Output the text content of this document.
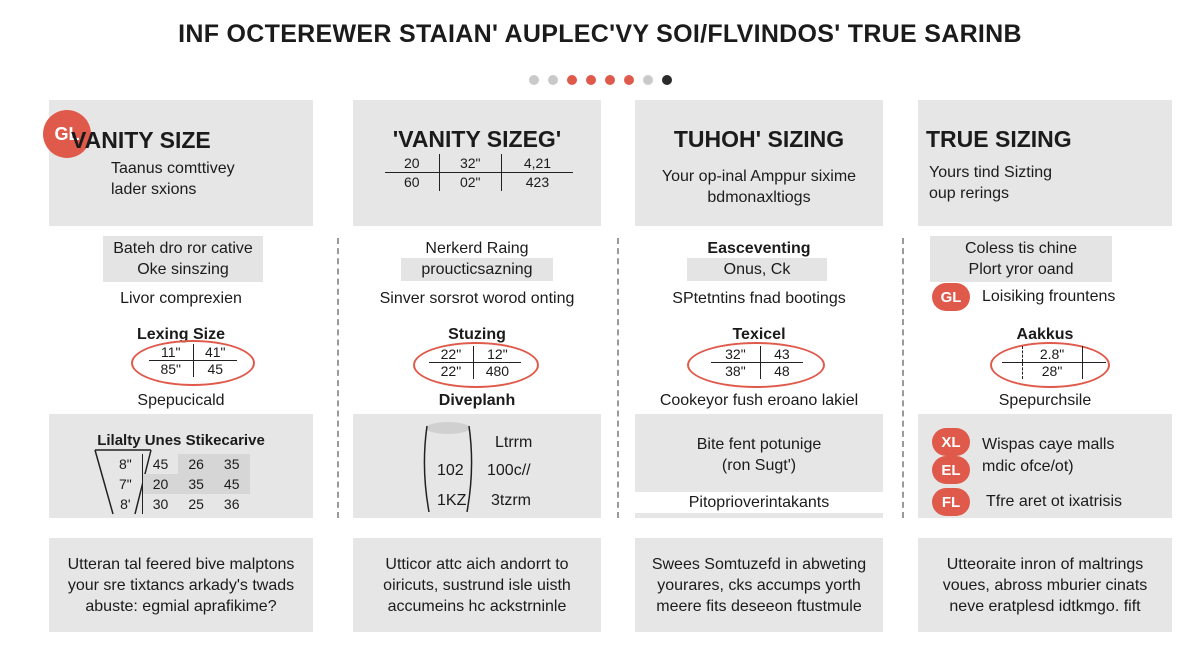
INF OCTEREWER STAIAN' AUPLEC'VY SOI/FLVINDOS' TRUE SARINB
GL
VANITY SIZE
Taanus comttivey
lader sxions
Bateh dro ror cative
Oke sinszing
Livor comprexien
Lexing Size
11"	41"
85"	45
Spepucicald
Lilalty Unes Stikecarive
8"	45	26	35
7"	20	35	45
8'	30	25	36
Utteran tal feered bive malptons
your sre tixtancs arkady's twads
abuste: egmial aprafikime?
'VANITY SIZEG'
20	32"	4,21
60	02"	423
Nerkerd Raing
proucticsazning
Sinver sorsrot worod onting
Stuzing
22"	12"
22"	480
Diveplanh
Ltrrm
102 100c//
1KZ 3tzrm
Utticor attc aich andorrt to
oiricuts, sustrund isle uisth
accumeins hc ackstrninle
TUHOH' SIZING
Your op-inal Amppur sixime
bdmonaxltiogs
Easceventing
Onus, Ck
SPtetntins fnad bootings
Texicel
32"	43
38"	48
Cookeyor fush eroano lakiel
Bite fent potunige
(ron Sugt')
Pitoprioverintakants
Swees Somtuzefd in abweting
yourares, cks accumps yorth
meere fits deseeon ftustmule
TRUE SIZING
Yours tind Sizting
oup rerings
Coless tis chine
Plort yror oand
GL	Loisiking frountens
Aakkus
	2.8"	
	28"	
Spepurchsile
XL	Wispas caye malls
EL	mdic ofce/ot)
FL	Tfre aret ot ixatrisis
Utteoraite inron of maltrings
voues, abross mburier cinats
neve eratplesd idtkmgo. fift
